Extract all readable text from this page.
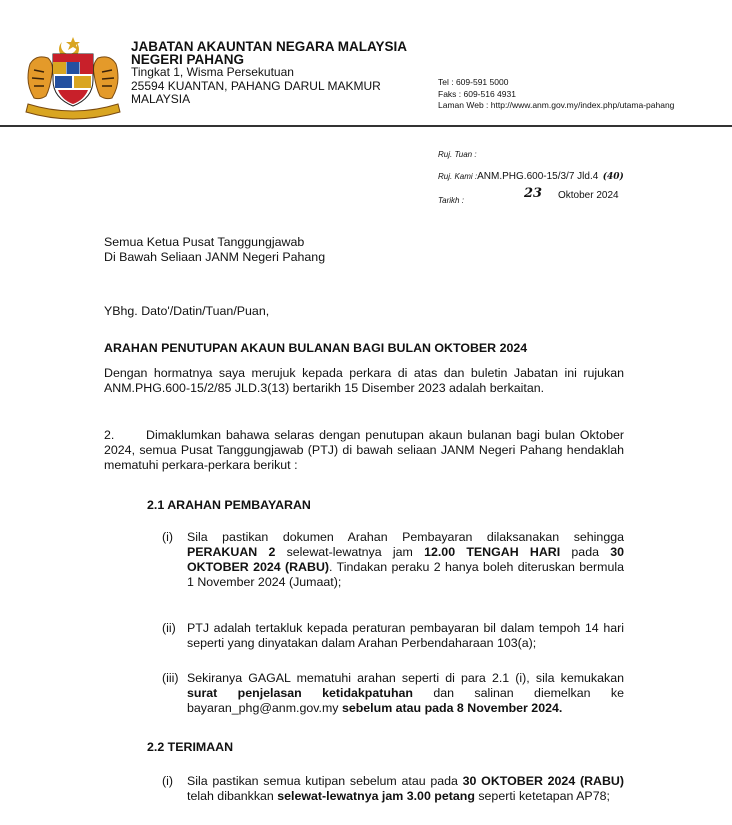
JABATAN AKAUNTAN NEGARA MALAYSIA
NEGERI PAHANG
Tingkat 1, Wisma Persekutuan
25594 KUANTAN, PAHANG DARUL MAKMUR
MALAYSIA
Tel : 609-591 5000
Faks : 609-516 4931
Laman Web : http://www.anm.gov.my/index.php/utama-pahang
Ruj. Tuan :
Ruj. Kami :ANM.PHG.600-15/3/7 Jld.4 (40)
Tarikh :	23 Oktober 2024
Semua Ketua Pusat Tanggungjawab
Di Bawah Seliaan JANM Negeri Pahang
YBhg. Dato'/Datin/Tuan/Puan,
ARAHAN PENUTUPAN AKAUN BULANAN BAGI BULAN OKTOBER 2024
Dengan hormatnya saya merujuk kepada perkara di atas dan buletin Jabatan ini rujukan ANM.PHG.600-15/2/85 JLD.3(13) bertarikh 15 Disember 2023 adalah berkaitan.
2.	Dimaklumkan bahawa selaras dengan penutupan akaun bulanan bagi bulan Oktober 2024, semua Pusat Tanggungjawab (PTJ) di bawah seliaan JANM Negeri Pahang hendaklah mematuhi perkara-perkara berikut :
2.1 ARAHAN PEMBAYARAN
(i)	Sila pastikan dokumen Arahan Pembayaran dilaksanakan sehingga PERAKUAN 2 selewat-lewatnya jam 12.00 TENGAH HARI pada 30 OKTOBER 2024 (RABU). Tindakan peraku 2 hanya boleh diteruskan bermula 1 November 2024 (Jumaat);
(ii) PTJ adalah tertakluk kepada peraturan pembayaran bil dalam tempoh 14 hari seperti yang dinyatakan dalam Arahan Perbendaharaan 103(a);
(iii) Sekiranya GAGAL mematuhi arahan seperti di para 2.1 (i), sila kemukakan surat penjelasan ketidakpatuhan dan salinan diemelkan ke bayaran_phg@anm.gov.my sebelum atau pada 8 November 2024.
2.2 TERIMAAN
(i)	Sila pastikan semua kutipan sebelum atau pada 30 OKTOBER 2024 (RABU) telah dibankkan selewat-lewatnya jam 3.00 petang seperti ketetapan AP78;
